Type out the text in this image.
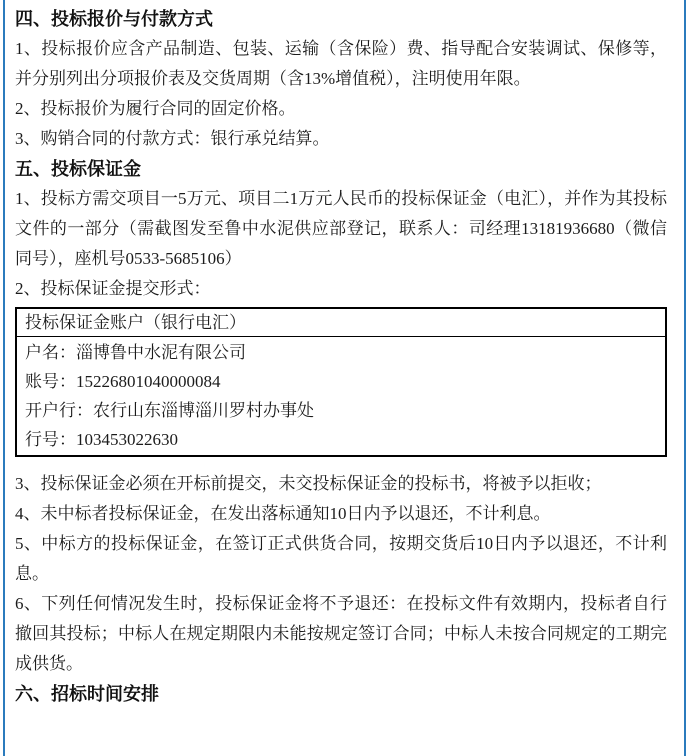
四、投标报价与付款方式

1、投标报价应含产品制造、包装、运输（含保险）费、指导配合安装调试、保修等，并分别列出分项报价表及交货周期（含13%增值税），注明使用年限。

2、投标报价为履行合同的固定价格。

3、购销合同的付款方式：银行承兑结算。

五、投标保证金

1、投标方需交项目一5万元、项目二1万元人民币的投标保证金（电汇），并作为其投标文件的一部分（需截图发至鲁中水泥供应部登记，联系人：司经理13181936680（微信同号），座机号0533-5685106）

2、投标保证金提交形式：

投标保证金账户（银行电汇）
户名：淄博鲁中水泥有限公司
账号：15226801040000084
开户行：农行山东淄博淄川罗村办事处
行号：103453022630

3、投标保证金必须在开标前提交，未交投标保证金的投标书，将被予以拒收；

4、未中标者投标保证金，在发出落标通知10日内予以退还，不计利息。

5、中标方的投标保证金，在签订正式供货合同，按期交货后10日内予以退还，不计利息。

6、下列任何情况发生时，投标保证金将不予退还：在投标文件有效期内，投标者自行撤回其投标；中标人在规定期限内未能按规定签订合同；中标人未按合同规定的工期完成供货。

六、招标时间安排
